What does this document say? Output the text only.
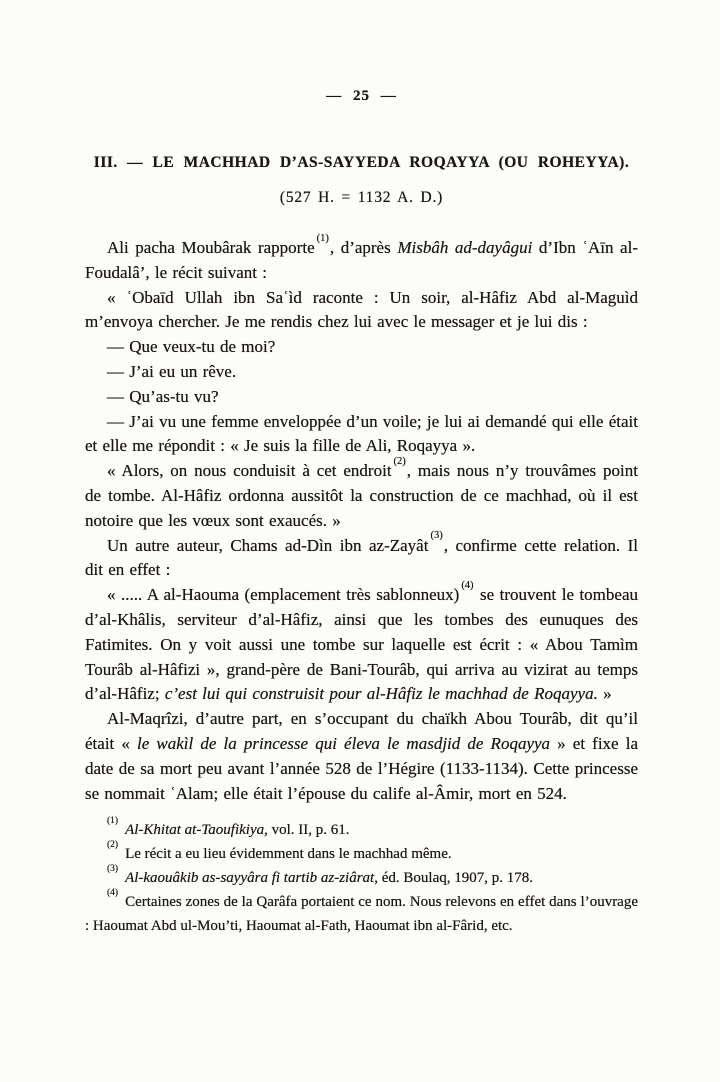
— 25 —
III. — LE MACHHAD D’AS-SAYYEDA ROQAYYA (OU ROHEYYA).
(527 H. = 1132 A. D.)

Ali pacha Moubârak rapporte $^{(1)}$, d’après Misbâh ad-dayâgui d’Ibn ʿAīn al-Foudalâ’, le récit suivant :

« ʿObaīd Ullah ibn Saʿìd raconte : Un soir, al-Hâfiz Abd al-Maguìd m’envoya chercher. Je me rendis chez lui avec le messager et je lui dis :

— Que veux-tu de moi?

— J’ai eu un rêve.

— Qu’as-tu vu?

— J’ai vu une femme enveloppée d’un voile; je lui ai demandé qui elle était et elle me répondit : « Je suis la fille de Ali, Roqayya ».

« Alors, on nous conduisit à cet endroit $^{(2)}$, mais nous n’y trouvâmes point de tombe. Al-Hâfiz ordonna aussitôt la construction de ce machhad, où il est notoire que les vœux sont exaucés. »

Un autre auteur, Chams ad-Dìn ibn az-Zayât $^{(3)}$, confirme cette relation. Il dit en effet :

« ..... A al-Haouma (emplacement très sablonneux) $^{(4)}$ se trouvent le tombeau d’al-Khâlis, serviteur d’al-Hâfiz, ainsi que les tombes des eunuques des Fatimites. On y voit aussi une tombe sur laquelle est écrit : « Abou Tamìm Tourâb al-Hâfizi », grand-père de Bani-Tourâb, qui arriva au vizirat au temps d’al-Hâfiz; c’est lui qui construisit pour al-Hâfiz le machhad de Roqayya. »

Al-Maqrîzi, d’autre part, en s’occupant du chaïkh Abou Tourâb, dit qu’il était « le wakìl de la princesse qui éleva le masdjid de Roqayya » et fixe la date de sa mort peu avant l’année 528 de l’Hégire (1133-1134). Cette princesse se nommait ʿAlam; elle était l’épouse du calife al-Âmir, mort en 524.

$^{(1)}$Al-Khitat at-Taoufikiya, vol. II, p. 61.

$^{(2)}$Le récit a eu lieu évidemment dans le machhad même.

$^{(3)}$Al-kaouâkib as-sayyâra fi tartib az-ziârat, éd. Boulaq, 1907, p. 178.

$^{(4)}$Certaines zones de la Qarâfa portaient ce nom. Nous relevons en effet dans l’ouvrage : Haoumat Abd ul-Mou’ti, Haoumat al-Fath, Haoumat ibn al-Fârid, etc.
